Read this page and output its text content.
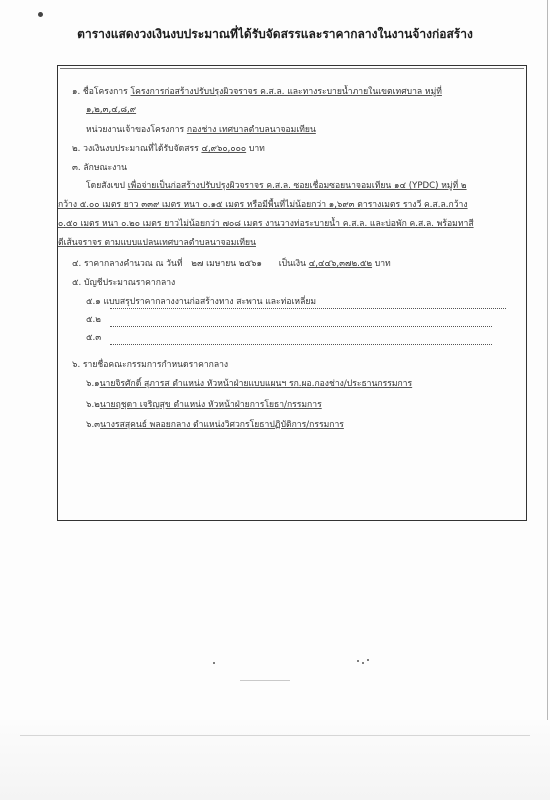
ตารางแสดงวงเงินงบประมาณที่ได้รับจัดสรรและราคากลางในงานจ้างก่อสร้าง
๑. ชื่อโครงการ โครงการก่อสร้างปรับปรุงผิวจราจร ค.ส.ล. และทางระบายน้ำภายในเขตเทศบาล หมู่ที่
๑,๒,๓,๔,๘,๙
หน่วยงานเจ้าของโครงการ กองช่าง เทศบาลตำบลนาจอมเทียน
๒. วงเงินงบประมาณที่ได้รับจัดสรร ๔,๙๖๐,๐๐๐ บาท
๓. ลักษณะงาน
โดยสังเขป เพื่อจ่ายเป็นก่อสร้างปรับปรุงผิวจราจร ค.ส.ล. ซอยเชื่อมซอยนาจอมเทียน ๑๔ (YPDC) หมู่ที่ ๒
กว้าง ๕.๐๐ เมตร ยาว ๓๓๙ เมตร หนา ๐.๑๕ เมตร หรือมีพื้นที่ไม่น้อยกว่า ๑,๖๙๓ ตารางเมตร รางวี ค.ส.ล.กว้าง
๐.๕๐ เมตร หนา ๐.๒๐ เมตร ยาวไม่น้อยกว่า ๗๐๘ เมตร งานวางท่อระบายน้ำ ค.ส.ล. และบ่อพัก ค.ส.ล. พร้อมทาสี
ตีเส้นจราจร ตามแบบแปลนเทศบาลตำบลนาจอมเทียน
๔. ราคากลางคำนวณ ณ วันที่ ๒๗ เมษายน ๒๕๖๑ เป็นเงิน ๔,๔๔๖,๓๗๒.๕๒ บาท
๕. บัญชีประมาณราคากลาง
๕.๑ แบบสรุปราคากลางงานก่อสร้างทาง สะพาน และท่อเหลี่ยม
๕.๒
๕.๓
๖. รายชื่อคณะกรรมการกำหนดราคากลาง
๖.๑นายจิรศักดิ์ สุภารส ตำแหน่ง หัวหน้าฝ่ายแบบแผนฯ รก.ผอ.กองช่าง/ประธานกรรมการ
๖.๒นายฤชุดา เจริญสุข ตำแหน่ง หัวหน้าฝ่ายการโยธา/กรรมการ
๖.๓นางรสสุคนธ์ พลอยกลาง ตำแหน่งวิศวกรโยธาปฏิบัติการ/กรรมการ
